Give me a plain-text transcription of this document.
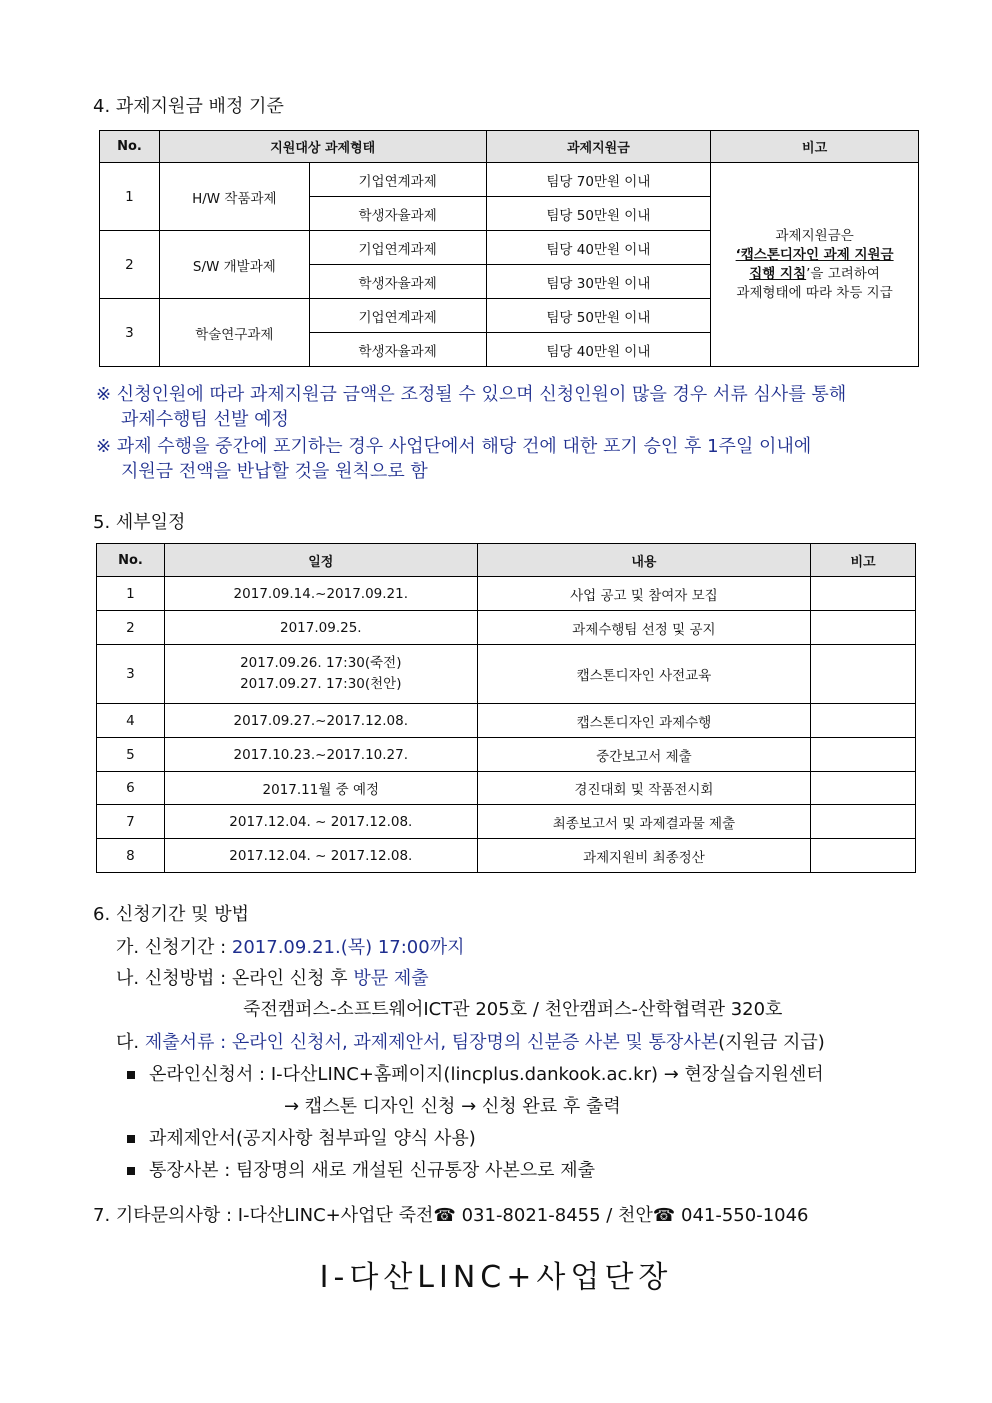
4. 과제지원금 배정 기준
No.	지원대상 과제형태		과제지원금	비고
1	H/W 작품과제	기업연계과제	팀당 70만원 이내	과제지원금은
‘캡스톤디자인 과제 지원금
집행 지침’을 고려하여
과제형태에 따라 차등 지급

		학생자율과제	팀당 50만원 이내	
2	S/W 개발과제	기업연계과제	팀당 40만원 이내	
		학생자율과제	팀당 30만원 이내	
3	학술연구과제	기업연계과제	팀당 50만원 이내	
		학생자율과제	팀당 40만원 이내	
※ 신청인원에 따라 과제지원금 금액은 조정될 수 있으며 신청인원이 많을 경우 서류 심사를 통해
과제수행팀 선발 예정
※ 과제 수행을 중간에 포기하는 경우 사업단에서 해당 건에 대한 포기 승인 후 1주일 이내에
지원금 전액을 반납할 것을 원칙으로 함
5. 세부일정
No.	일정	내용	비고
1	2017.09.14.~2017.09.21.	사업 공고 및 참여자 모집	
2	2017.09.25.	과제수행팀 선정 및 공지	
3	2017.09.26. 17:30(죽전)
2017.09.27. 17:30(천안)	캡스톤디자인 사전교육	
4	2017.09.27.~2017.12.08.	캡스톤디자인 과제수행	
5	2017.10.23.~2017.10.27.	중간보고서 제출	
6	2017.11월 중 예정	경진대회 및 작품전시회	
7	2017.12.04. ~ 2017.12.08.	최종보고서 및 과제결과물 제출	
8	2017.12.04. ~ 2017.12.08.	과제지원비 최종정산	
6. 신청기간 및 방법
가. 신청기간 : 2017.09.21.(목) 17:00까지
나. 신청방법 : 온라인 신청 후 방문 제출
죽전캠퍼스-소프트웨어ICT관 205호 / 천안캠퍼스-산학협력관 320호
다. 제출서류 : 온라인 신청서, 과제제안서, 팀장명의 신분증 사본 및 통장사본(지원금 지급)
온라인신청서 : I-다산LINC+홈페이지(lincplus.dankook.ac.kr) → 현장실습지원센터
→ 캡스톤 디자인 신청 → 신청 완료 후 출력
과제제안서(공지사항 첨부파일 양식 사용)
통장사본 : 팀장명의 새로 개설된 신규통장 사본으로 제출
7. 기타문의사항 : I-다산LINC+사업단 죽전☎ 031-8021-8455 / 천안☎ 041-550-1046
I-다산LINC+사업단장
